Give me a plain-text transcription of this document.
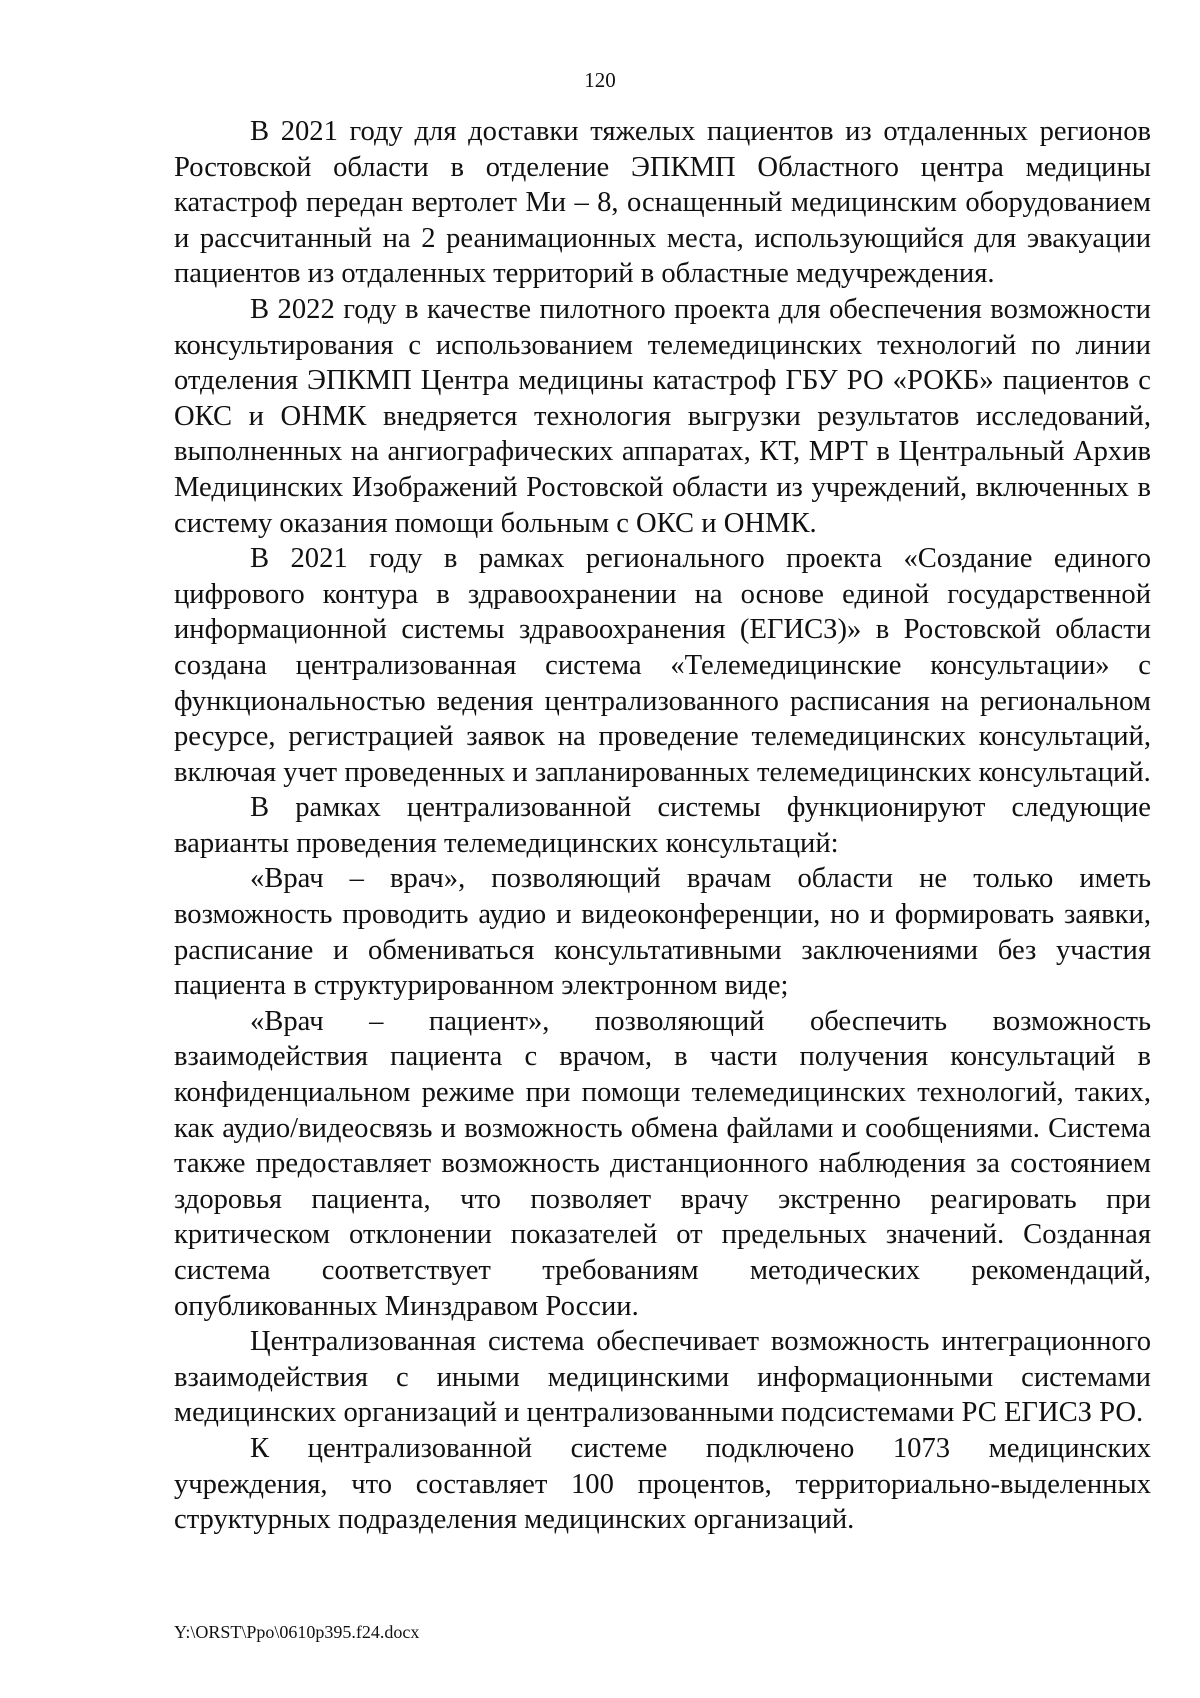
120

В 2021 году для доставки тяжелых пациентов из отдаленных регионов Ростовской области в отделение ЭПКМП Областного центра медицины катастроф передан вертолет Ми – 8, оснащенный медицинским оборудованием и рассчитанный на 2 реанимационных места, использующийся для эвакуации пациентов из отдаленных территорий в областные медучреждения.

В 2022 году в качестве пилотного проекта для обеспечения возможности консультирования с использованием телемедицинских технологий по линии отделения ЭПКМП Центра медицины катастроф ГБУ РО «РОКБ» пациентов с ОКС и ОНМК внедряется технология выгрузки результатов исследований, выполненных на ангиографических аппаратах, КТ, МРТ в Центральный Архив Медицинских Изображений Ростовской области из учреждений, включенных в систему оказания помощи больным с ОКС и ОНМК.

В 2021 году в рамках регионального проекта «Создание единого цифрового контура в здравоохранении на основе единой государственной информационной системы здравоохранения (ЕГИСЗ)» в Ростовской области создана централизованная система «Телемедицинские консультации» с функциональностью ведения централизованного расписания на региональном ресурсе, регистрацией заявок на проведение телемедицинских консультаций, включая учет проведенных и запланированных телемедицинских консультаций.

В рамках централизованной системы функционируют следующие варианты проведения телемедицинских консультаций:

«Врач – врач», позволяющий врачам области не только иметь возможность проводить аудио и видеоконференции, но и формировать заявки, расписание и обмениваться консультативными заключениями без участия пациента в структурированном электронном виде;

«Врач – пациент», позволяющий обеспечить возможность взаимодействия пациента с врачом, в части получения консультаций в конфиденциальном режиме при помощи телемедицинских технологий, таких, как аудио/видеосвязь и возможность обмена файлами и сообщениями. Система также предоставляет возможность дистанционного наблюдения за состоянием здоровья пациента, что позволяет врачу экстренно реагировать при критическом отклонении показателей от предельных значений. Созданная система соответствует требованиям методических рекомендаций, опубликованных Минздравом России.

Централизованная система обеспечивает возможность интеграционного взаимодействия с иными медицинскими информационными системами медицинских организаций и централизованными подсистемами РС ЕГИСЗ РО.

К централизованной системе подключено 1073 медицинских учреждения, что составляет 100 процентов, территориально-выделенных структурных подразделения медицинских организаций.

Y:\ORST\Ppo\0610p395.f24.docx
